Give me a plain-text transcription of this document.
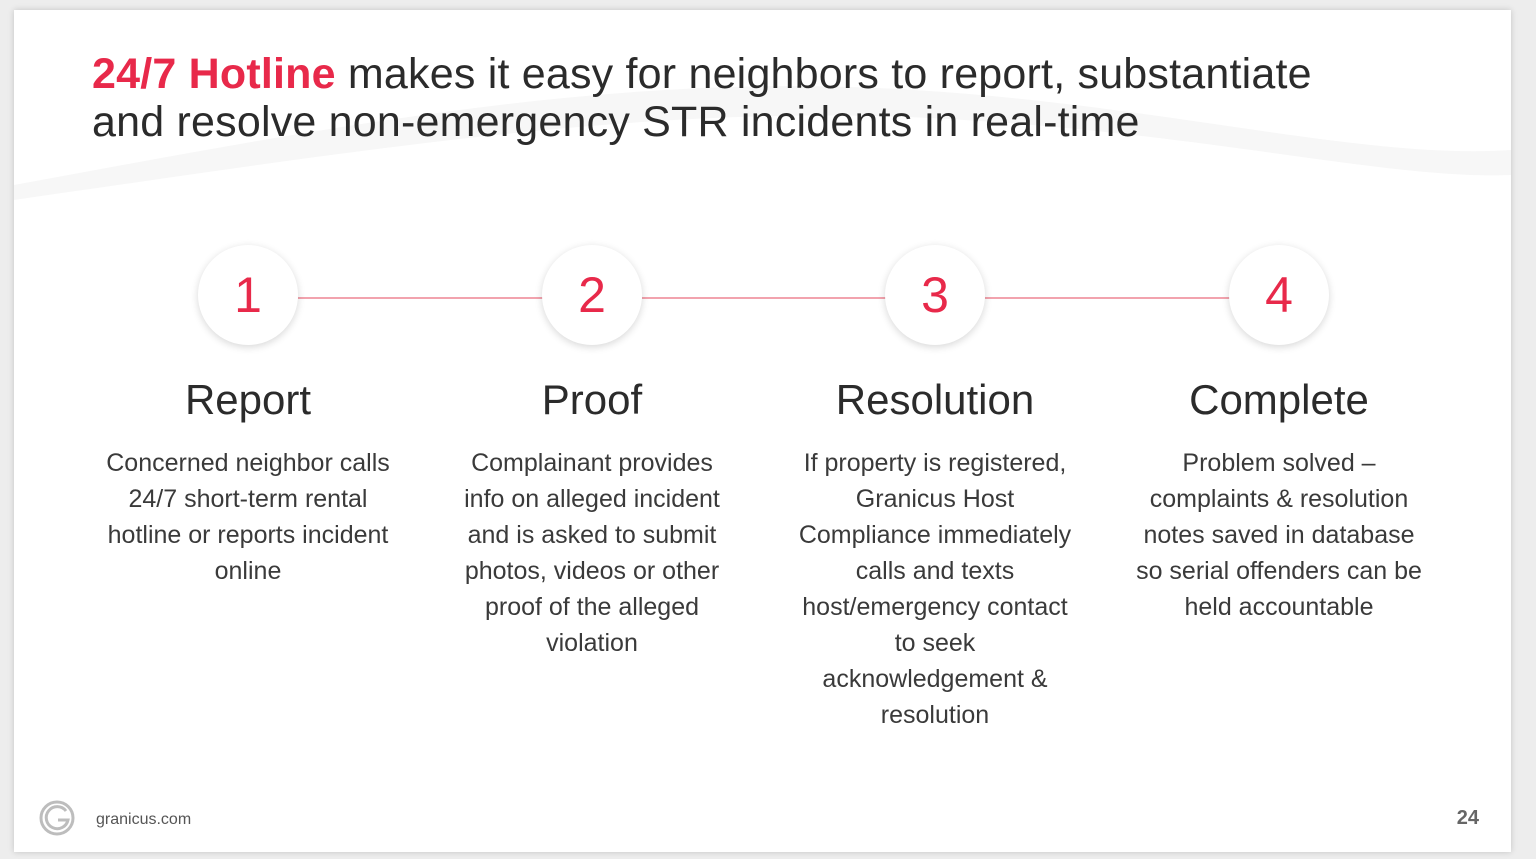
24/7 Hotline makes it easy for neighbors to report, substantiate
and resolve non-emergency STR incidents in real-time
1
Report
Concerned neighbor calls 24/7 short-term rental hotline or reports incident online
2
Proof
Complainant provides info on alleged incident and is asked to submit photos, videos or other proof of the alleged violation
3
Resolution
If property is registered, Granicus Host Compliance immediately calls and texts host/emergency contact to seek acknowledgement & resolution
4
Complete
Problem solved – complaints & resolution notes saved in database so serial offenders can be held accountable
granicus.com	24
